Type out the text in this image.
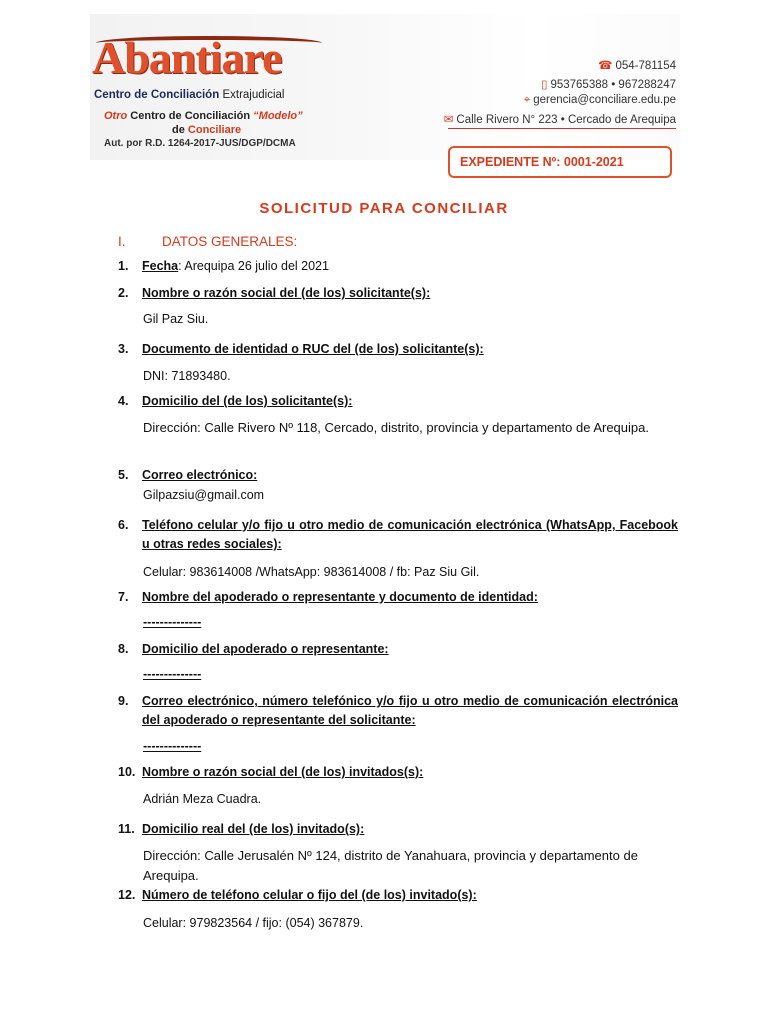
Abantiare
Centro de Conciliación Extrajudicial
Otro Centro de Conciliación “Modelo”
de Conciliare
Aut. por R.D. 1264-2017-JUS/DGP/DCMA
☎ 054-781154
▯ 953765388 • 967288247
⌖ gerencia@conciliare.edu.pe
✉ Calle Rivero N° 223 • Cercado de Arequipa
EXPEDIENTE Nº: 0001-2021
SOLICITUD PARA CONCILIAR
I.	DATOS GENERALES:
1. Fecha: Arequipa 26 julio del 2021
2. Nombre o razón social del (de los) solicitante(s):
Gil Paz Siu.
3. Documento de identidad o RUC del (de los) solicitante(s):
DNI: 71893480.
4. Domicilio del (de los) solicitante(s):
Dirección: Calle Rivero Nº 118, Cercado, distrito, provincia y departamento de Arequipa.
5. Correo electrónico:
Gilpazsiu@gmail.com
6. Teléfono celular y/o fijo u otro medio de comunicación electrónica (WhatsApp, Facebook u otras redes sociales):
Celular: 983614008 /WhatsApp: 983614008 / fb: Paz Siu Gil.
7. Nombre del apoderado o representante y documento de identidad:
--------------
8. Domicilio del apoderado o representante:
--------------
9. Correo electrónico, número telefónico y/o fijo u otro medio de comunicación electrónica del apoderado o representante del solicitante:
--------------
10. Nombre o razón social del (de los) invitados(s):
Adrián Meza Cuadra.
11. Domicilio real del (de los) invitado(s):
Dirección: Calle Jerusalén Nº 124, distrito de Yanahuara, provincia y departamento de Arequipa.
12. Número de teléfono celular o fijo del (de los) invitado(s):
Celular: 979823564 / fijo: (054) 367879.
